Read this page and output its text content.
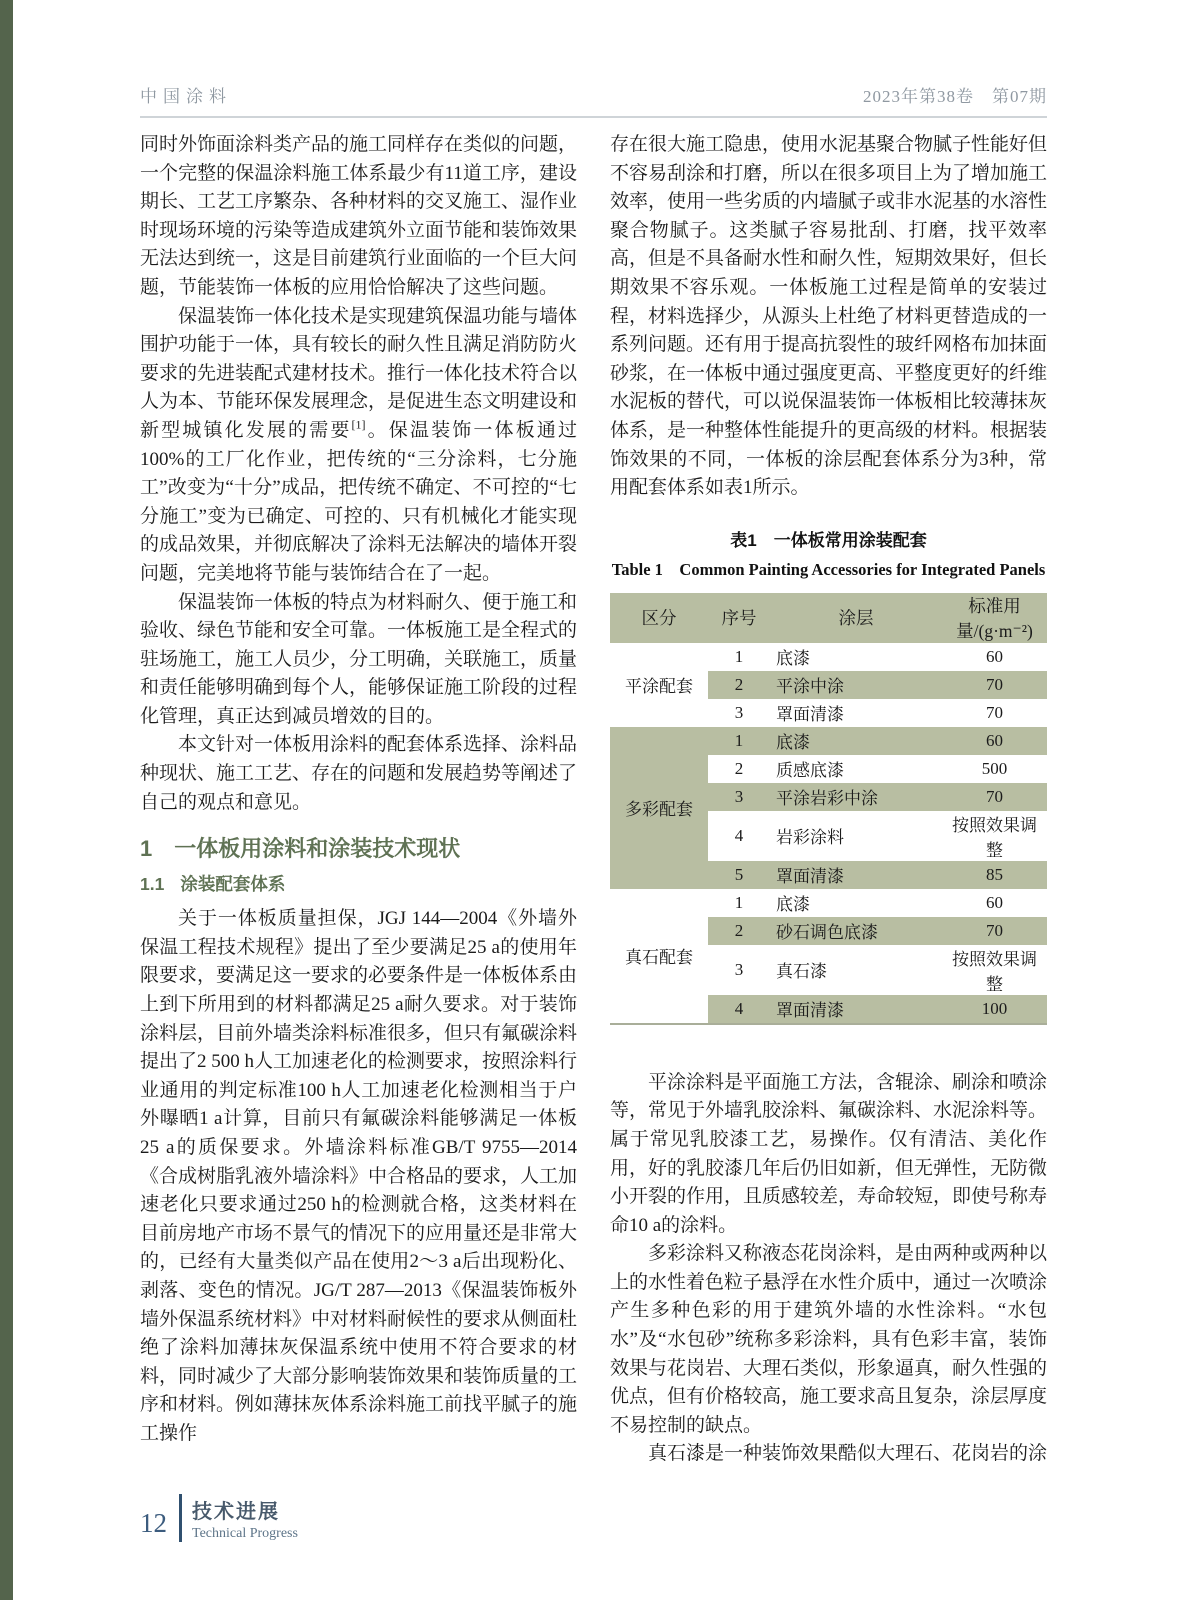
中国涂料	2023年第38卷　第07期

同时外饰面涂料类产品的施工同样存在类似的问题，一个完整的保温涂料施工体系最少有11道工序，建设期长、工艺工序繁杂、各种材料的交叉施工、湿作业时现场环境的污染等造成建筑外立面节能和装饰效果无法达到统一，这是目前建筑行业面临的一个巨大问题，节能装饰一体板的应用恰恰解决了这些问题。

保温装饰一体化技术是实现建筑保温功能与墙体围护功能于一体，具有较长的耐久性且满足消防防火要求的先进装配式建材技术。推行一体化技术符合以人为本、节能环保发展理念，是促进生态文明建设和新型城镇化发展的需要[1]。保温装饰一体板通过100%的工厂化作业，把传统的“三分涂料，七分施工”改变为“十分”成品，把传统不确定、不可控的“七分施工”变为已确定、可控的、只有机械化才能实现的成品效果，并彻底解决了涂料无法解决的墙体开裂问题，完美地将节能与装饰结合在了一起。

保温装饰一体板的特点为材料耐久、便于施工和验收、绿色节能和安全可靠。一体板施工是全程式的驻场施工，施工人员少，分工明确，关联施工，质量和责任能够明确到每个人，能够保证施工阶段的过程化管理，真正达到减员增效的目的。

本文针对一体板用涂料的配套体系选择、涂料品种现状、施工工艺、存在的问题和发展趋势等阐述了自己的观点和意见。

1 一体板用涂料和涂装技术现状
1.1 涂装配套体系

关于一体板质量担保，JGJ 144—2004《外墙外保温工程技术规程》提出了至少要满足25 a的使用年限要求，要满足这一要求的必要条件是一体板体系由上到下所用到的材料都满足25 a耐久要求。对于装饰涂料层，目前外墙类涂料标准很多，但只有氟碳涂料提出了2 500 h人工加速老化的检测要求，按照涂料行业通用的判定标准100 h人工加速老化检测相当于户外曝晒1 a计算，目前只有氟碳涂料能够满足一体板25 a的质保要求。外墙涂料标准GB/T 9755—2014《合成树脂乳液外墙涂料》中合格品的要求，人工加速老化只要求通过250 h的检测就合格，这类材料在目前房地产市场不景气的情况下的应用量还是非常大的，已经有大量类似产品在使用2～3 a后出现粉化、剥落、变色的情况。JG/T 287—2013《保温装饰板外墙外保温系统材料》中对材料耐候性的要求从侧面杜绝了涂料加薄抹灰保温系统中使用不符合要求的材料，同时减少了大部分影响装饰效果和装饰质量的工序和材料。例如薄抹灰体系涂料施工前找平腻子的施工操作

存在很大施工隐患，使用水泥基聚合物腻子性能好但不容易刮涂和打磨，所以在很多项目上为了增加施工效率，使用一些劣质的内墙腻子或非水泥基的水溶性聚合物腻子。这类腻子容易批刮、打磨，找平效率高，但是不具备耐水性和耐久性，短期效果好，但长期效果不容乐观。一体板施工过程是简单的安装过程，材料选择少，从源头上杜绝了材料更替造成的一系列问题。还有用于提高抗裂性的玻纤网格布加抹面砂浆，在一体板中通过强度更高、平整度更好的纤维水泥板的替代，可以说保温装饰一体板相比较薄抹灰体系，是一种整体性能提升的更高级的材料。根据装饰效果的不同，一体板的涂层配套体系分为3种，常用配套体系如表1所示。

表1　一体板常用涂装配套
Table 1　Common Painting Accessories for Integrated Panels
区分	序号	涂层	标准用量/(g·m⁻²)
平涂配套	1	底漆	60
	2	平涂中涂	70
	3	罩面清漆	70
多彩配套	1	底漆	60
	2	质感底漆	500
	3	平涂岩彩中涂	70
	4	岩彩涂料	按照效果调整
	5	罩面清漆	85
真石配套	1	底漆	60
	2	砂石调色底漆	70
	3	真石漆	按照效果调整
	4	罩面清漆	100

平涂涂料是平面施工方法，含辊涂、刷涂和喷涂等，常见于外墙乳胶涂料、氟碳涂料、水泥涂料等。属于常见乳胶漆工艺，易操作。仅有清洁、美化作用，好的乳胶漆几年后仍旧如新，但无弹性，无防微小开裂的作用，且质感较差，寿命较短，即使号称寿命10 a的涂料。

多彩涂料又称液态花岗涂料，是由两种或两种以上的水性着色粒子悬浮在水性介质中，通过一次喷涂产生多种色彩的用于建筑外墙的水性涂料。“水包水”及“水包砂”统称多彩涂料，具有色彩丰富，装饰效果与花岗岩、大理石类似，形象逼真，耐久性强的优点，但有价格较高，施工要求高且复杂，涂层厚度不易控制的缺点。

真石漆是一种装饰效果酷似大理石、花岗岩的涂

12 技术进展
Technical Progress
